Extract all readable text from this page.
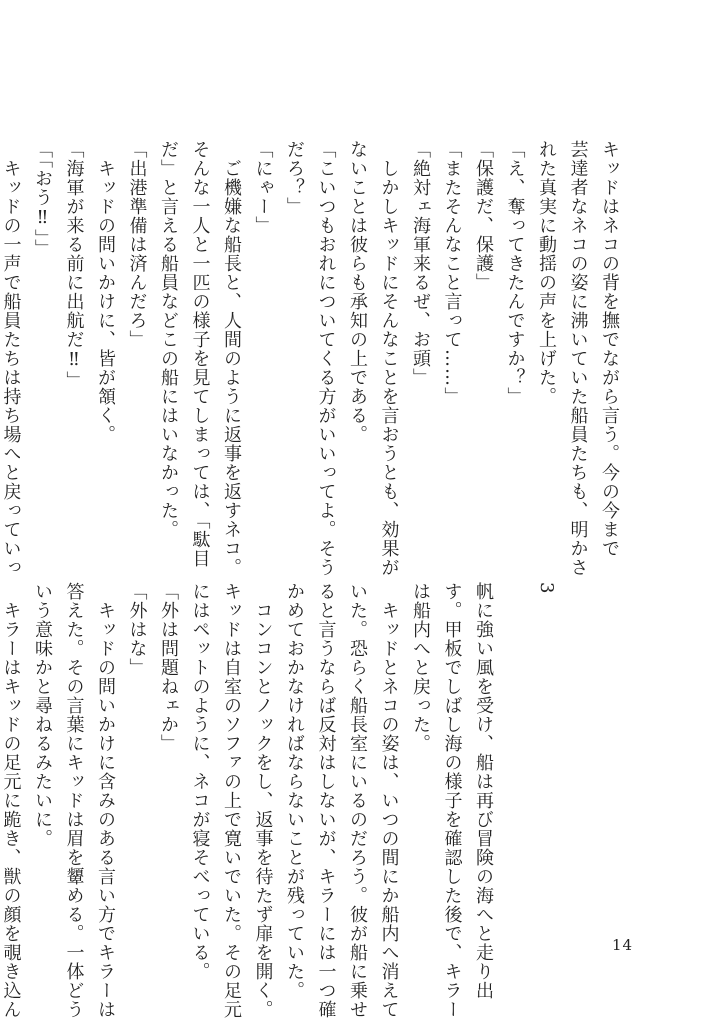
キッドはネコの背を撫でながら言う。今の今まで
芸達者なネコの姿に沸いていた船員たちも、明かさ
れた真実に動揺の声を上げた。
「え、奪ってきたんですか？」
「保護だ、保護」
「またそんなこと言って……」
「絶対ェ海軍来るぜ、お頭」
　しかしキッドにそんなことを言おうとも、効果が
ないことは彼らも承知の上である。
「こいつもおれについてくる方がいいってよ。そう
だろ？」
「にゃー」
　ご機嫌な船長と、人間のように返事を返すネコ。
そんな一人と一匹の様子を見てしまっては、「駄目
だ」と言える船員などこの船にはいなかった。
「出港準備は済んだろ」
　キッドの問いかけに、皆が頷く。
「海軍が来る前に出航だ‼」
「「おう‼」」
　キッドの一声で船員たちは持ち場へと戻っていっ

3

帆に強い風を受け、船は再び冒険の海へと走り出
す。甲板でしばし海の様子を確認した後で、キラー
は船内へと戻った。
　キッドとネコの姿は、いつの間にか船内へ消えて
いた。恐らく船長室にいるのだろう。彼が船に乗せ
ると言うならば反対はしないが、キラーには一つ確
かめておかなければならないことが残っていた。
　コンコンとノックをし、返事を待たず扉を開く。
キッドは自室のソファの上で寛いでいた。その足元
にはペットのように、ネコが寝そべっている。
「外は問題ねェか」
「外はな」
　キッドの問いかけに含みのある言い方でキラーは
答えた。その言葉にキッドは眉を顰める。一体どう
いう意味かと尋ねるみたいに。
　キラーはキッドの足元に跪き、獣の顔を覗き込ん	14
